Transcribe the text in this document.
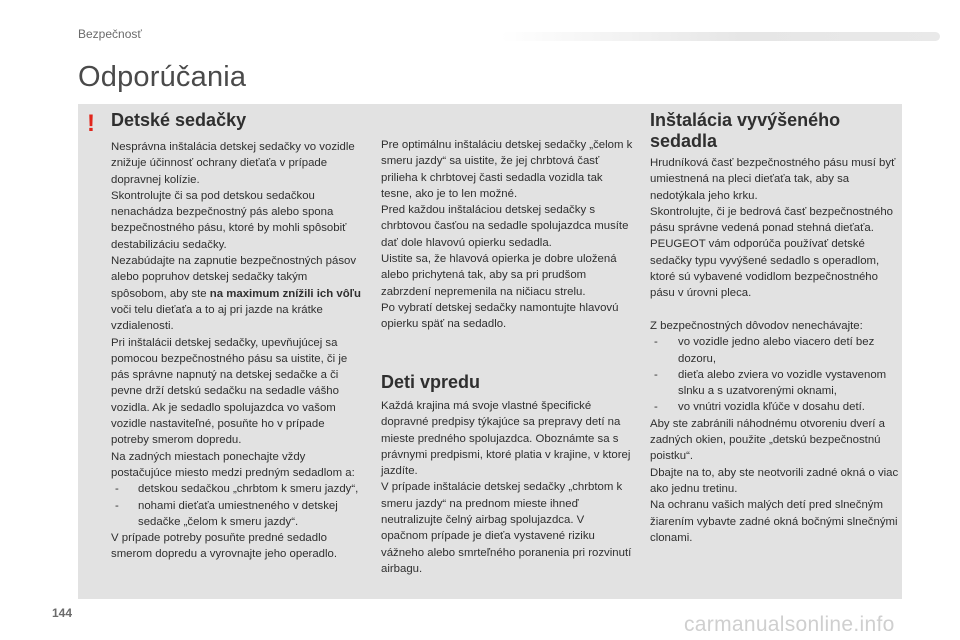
Bezpečnosť
Odporúčania
! Detské sedačky

Nesprávna inštalácia detskej sedačky vo vozidle znižuje účinnosť ochrany dieťaťa v prípade dopravnej kolízie.

Skontrolujte či sa pod detskou sedačkou nenachádza bezpečnostný pás alebo spona bezpečnostného pásu, ktoré by mohli spôsobiť destabilizáciu sedačky.

Nezabúdajte na zapnutie bezpečnostných pásov alebo popruhov detskej sedačky takým spôsobom, aby ste na maximum znížili ich vôľu voči telu dieťaťa a to aj pri jazde na krátke vzdialenosti.

Pri inštalácii detskej sedačky, upevňujúcej sa pomocou bezpečnostného pásu sa uistite, či je pás správne napnutý na detskej sedačke a či pevne drží detskú sedačku na sedadle vášho vozidla. Ak je sedadlo spolujazdca vo vašom vozidle nastaviteľné, posuňte ho v prípade potreby smerom dopredu.

Na zadných miestach ponechajte vždy postačujúce miesto medzi predným sedadlom a:

- detskou sedačkou „chrbtom k smeru jazdy“,
- nohami dieťaťa umiestneného v detskej sedačke „čelom k smeru jazdy“.

V prípade potreby posuňte predné sedadlo smerom dopredu a vyrovnajte jeho operadlo.

Pre optimálnu inštaláciu detskej sedačky „čelom k smeru jazdy“ sa uistite, že jej chrbtová časť prilieha k chrbtovej časti sedadla vozidla tak tesne, ako je to len možné.

Pred každou inštaláciou detskej sedačky s chrbtovou časťou na sedadle spolujazdca musíte dať dole hlavovú opierku sedadla.

Uistite sa, že hlavová opierka je dobre uložená alebo prichytená tak, aby sa pri prudšom zabrzdení nepremenila na ničiacu strelu.

Po vybratí detskej sedačky namontujte hlavovú opierku späť na sedadlo.

Deti vpredu

Každá krajina má svoje vlastné špecifické dopravné predpisy týkajúce sa prepravy detí na mieste predného spolujazdca. Oboznámte sa s právnymi predpismi, ktoré platia v krajine, v ktorej jazdíte.

V prípade inštalácie detskej sedačky „chrbtom k smeru jazdy“ na prednom mieste ihneď neutralizujte čelný airbag spolujazdca. V opačnom prípade je dieťa vystavené riziku vážneho alebo smrteľného poranenia pri rozvinutí airbagu.

Inštalácia vyvýšeného sedadla

Hrudníková časť bezpečnostného pásu musí byť umiestnená na pleci dieťaťa tak, aby sa nedotýkala jeho krku.

Skontrolujte, či je bedrová časť bezpečnostného pásu správne vedená ponad stehná dieťaťa.

PEUGEOT vám odporúča používať detské sedačky typu vyvýšené sedadlo s operadlom, ktoré sú vybavené vodidlom bezpečnostného pásu v úrovni pleca.

Z bezpečnostných dôvodov nenechávajte:

- vo vozidle jedno alebo viacero detí bez dozoru,
- dieťa alebo zviera vo vozidle vystavenom slnku a s uzatvorenými oknami,
- vo vnútri vozidla kľúče v dosahu detí.

Aby ste zabránili náhodnému otvoreniu dverí a zadných okien, použite „detskú bezpečnostnú poistku“.

Dbajte na to, aby ste neotvorili zadné okná o viac ako jednu tretinu.

Na ochranu vašich malých detí pred slnečným žiarením vybavte zadné okná bočnými slnečnými clonami.

144	carmanualsonline.info
